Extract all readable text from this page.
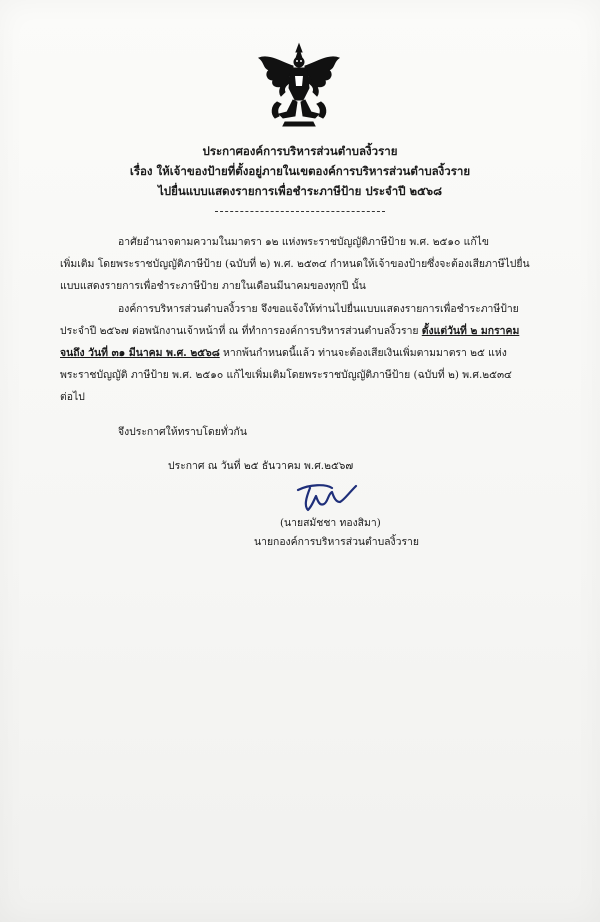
ประกาศองค์การบริหารส่วนตำบลงิ้วราย
เรื่อง ให้เจ้าของป้ายที่ตั้งอยู่ภายในเขตองค์การบริหารส่วนตำบลงิ้วราย
ไปยื่นแบบแสดงรายการเพื่อชำระภาษีป้าย ประจำปี ๒๕๖๘
อาศัยอำนาจตามความในมาตรา ๑๒ แห่งพระราชบัญญัติภาษีป้าย พ.ศ. ๒๕๑๐ แก้ไข
เพิ่มเติม โดยพระราชบัญญัติภาษีป้าย (ฉบับที่ ๒) พ.ศ. ๒๕๓๔ กำหนดให้เจ้าของป้ายซึ่งจะต้องเสียภาษีไปยื่น
แบบแสดงรายการเพื่อชำระภาษีป้าย ภายในเดือนมีนาคมของทุกปี นั้น
องค์การบริหารส่วนตำบลงิ้วราย จึงขอแจ้งให้ท่านไปยื่นแบบแสดงรายการเพื่อชำระภาษีป้าย
ประจำปี ๒๕๖๗ ต่อพนักงานเจ้าหน้าที่ ณ ที่ทำการองค์การบริหารส่วนตำบลงิ้วราย ตั้งแต่วันที่ ๒ มกราคม
จนถึง วันที่ ๓๑ มีนาคม พ.ศ. ๒๕๖๘ หากพ้นกำหนดนี้แล้ว ท่านจะต้องเสียเงินเพิ่มตามมาตรา ๒๕ แห่ง
พระราชบัญญัติ ภาษีป้าย พ.ศ. ๒๕๑๐ แก้ไขเพิ่มเติมโดยพระราชบัญญัติภาษีป้าย (ฉบับที่ ๒) พ.ศ.๒๕๓๔
ต่อไป
จึงประกาศให้ทราบโดยทั่วกัน
ประกาศ ณ วันที่ ๒๕ ธันวาคม พ.ศ.๒๕๖๗
(นายสมัชชา ทองสิมา)
นายกองค์การบริหารส่วนตำบลงิ้วราย
